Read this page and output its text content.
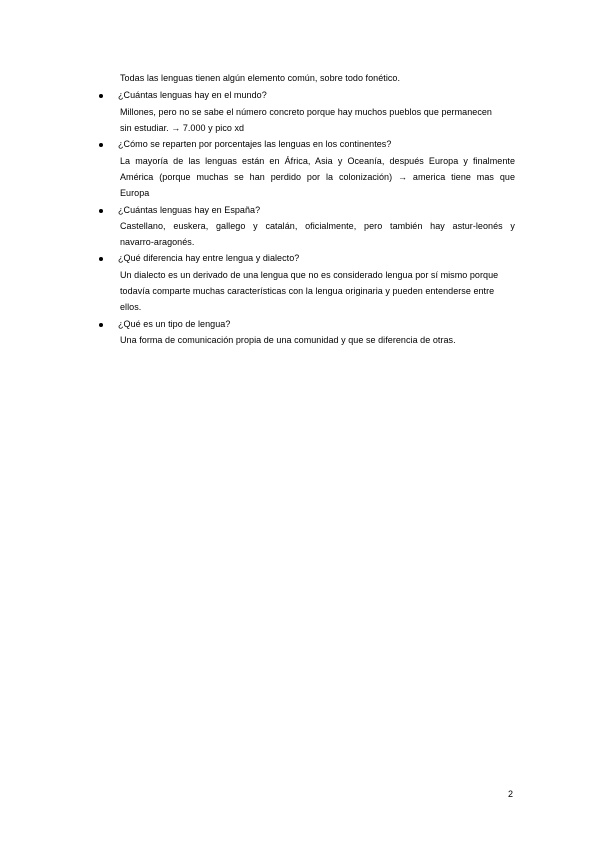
Todas las lenguas tienen algún elemento común, sobre todo fonético.
¿Cuántas lenguas hay en el mundo?
Millones, pero no se sabe el número concreto porque hay muchos pueblos que permanecen
sin estudiar. → 7.000 y pico xd
¿Cómo se reparten por porcentajes las lenguas en los continentes?
La mayoría de las lenguas están en África, Asia y Oceanía, después Europa y finalmente
América (porque muchas se han perdido por la colonización) → america tiene mas que
Europa
¿Cuántas lenguas hay en España?
Castellano, euskera, gallego y catalán, oficialmente, pero también hay astur-leonés y
navarro-aragonés.
¿Qué diferencia hay entre lengua y dialecto?
Un dialecto es un derivado de una lengua que no es considerado lengua por sí mismo porque
todavía comparte muchas características con la lengua originaria y pueden entenderse entre
ellos.
¿Qué es un tipo de lengua?
Una forma de comunicación propia de una comunidad y que se diferencia de otras.
2
